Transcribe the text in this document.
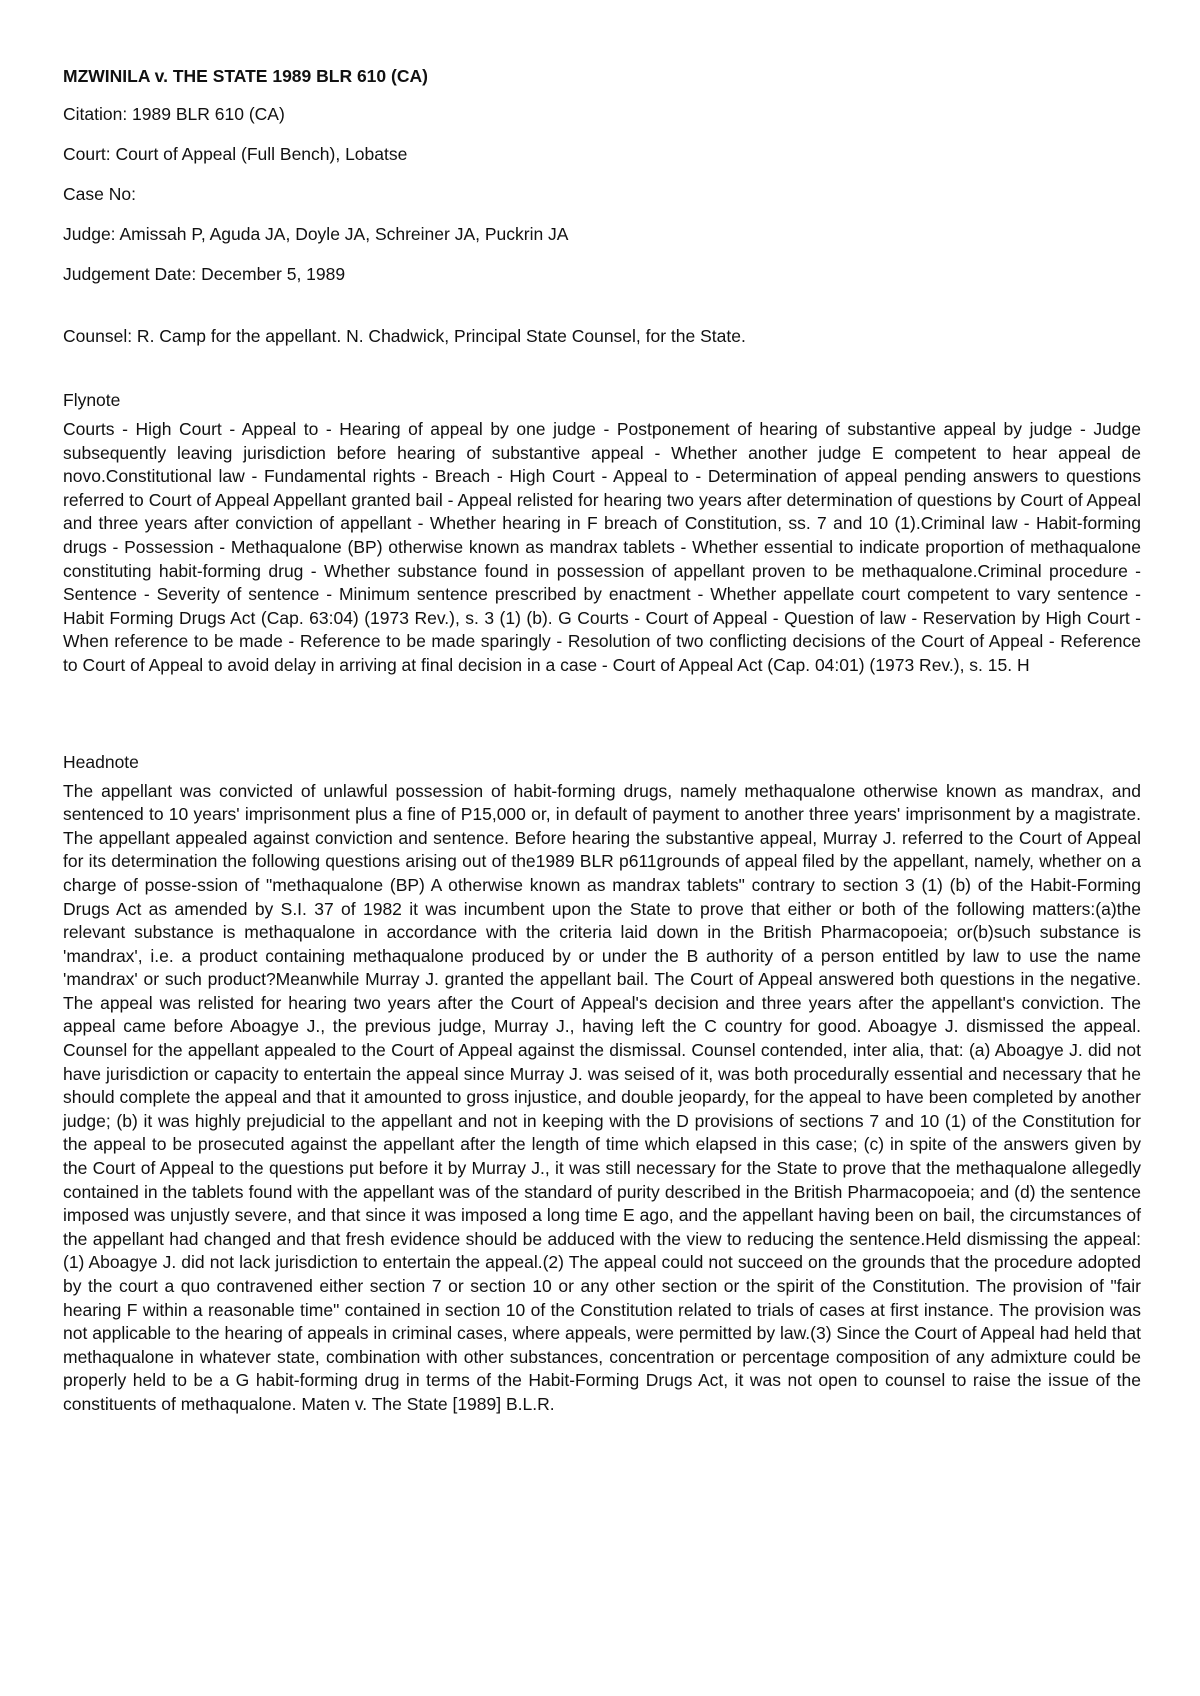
MZWINILA v. THE STATE 1989 BLR 610 (CA)
Citation: 1989 BLR 610 (CA)
Court: Court of Appeal (Full Bench), Lobatse
Case No:
Judge: Amissah P, Aguda JA, Doyle JA, Schreiner JA, Puckrin JA
Judgement Date: December 5, 1989
Counsel: R. Camp for the appellant. N. Chadwick, Principal State Counsel, for the State.
Flynote

Courts - High Court - Appeal to - Hearing of appeal by one judge - Postponement of hearing of substantive appeal by judge - Judge subsequently leaving jurisdiction before hearing of substantive appeal - Whether another judge E competent to hear appeal de novo.Constitutional law - Fundamental rights - Breach - High Court - Appeal to - Determination of appeal pending answers to questions referred to Court of Appeal Appellant granted bail - Appeal relisted for hearing two years after determination of questions by Court of Appeal and three years after conviction of appellant - Whether hearing in F breach of Constitution, ss. 7 and 10 (1).Criminal law - Habit-forming drugs - Possession - Methaqualone (BP) otherwise known as mandrax tablets - Whether essential to indicate proportion of methaqualone constituting habit-forming drug - Whether substance found in possession of appellant proven to be methaqualone.Criminal procedure - Sentence - Severity of sentence - Minimum sentence prescribed by enactment - Whether appellate court competent to vary sentence - Habit Forming Drugs Act (Cap. 63:04) (1973 Rev.), s. 3 (1) (b). G Courts - Court of Appeal - Question of law - Reservation by High Court - When reference to be made - Reference to be made sparingly - Resolution of two conflicting decisions of the Court of Appeal - Reference to Court of Appeal to avoid delay in arriving at final decision in a case - Court of Appeal Act (Cap. 04:01) (1973 Rev.), s. 15. H

Headnote

The appellant was convicted of unlawful possession of habit-forming drugs, namely methaqualone otherwise known as mandrax, and sentenced to 10 years' imprisonment plus a fine of P15,000 or, in default of payment to another three years' imprisonment by a magistrate. The appellant appealed against conviction and sentence. Before hearing the substantive appeal, Murray J. referred to the Court of Appeal for its determination the following questions arising out of the1989 BLR p611grounds of appeal filed by the appellant, namely, whether on a charge of posse-ssion of "methaqualone (BP) A otherwise known as mandrax tablets" contrary to section 3 (1) (b) of the Habit-Forming Drugs Act as amended by S.I. 37 of 1982 it was incumbent upon the State to prove that either or both of the following matters:(a)the relevant substance is methaqualone in accordance with the criteria laid down in the British Pharmacopoeia; or(b)such substance is 'mandrax', i.e. a product containing methaqualone produced by or under the B authority of a person entitled by law to use the name 'mandrax' or such product?Meanwhile Murray J. granted the appellant bail. The Court of Appeal answered both questions in the negative. The appeal was relisted for hearing two years after the Court of Appeal's decision and three years after the appellant's conviction. The appeal came before Aboagye J., the previous judge, Murray J., having left the C country for good. Aboagye J. dismissed the appeal. Counsel for the appellant appealed to the Court of Appeal against the dismissal. Counsel contended, inter alia, that: (a) Aboagye J. did not have jurisdiction or capacity to entertain the appeal since Murray J. was seised of it, was both procedurally essential and necessary that he should complete the appeal and that it amounted to gross injustice, and double jeopardy, for the appeal to have been completed by another judge; (b) it was highly prejudicial to the appellant and not in keeping with the D provisions of sections 7 and 10 (1) of the Constitution for the appeal to be prosecuted against the appellant after the length of time which elapsed in this case; (c) in spite of the answers given by the Court of Appeal to the questions put before it by Murray J., it was still necessary for the State to prove that the methaqualone allegedly contained in the tablets found with the appellant was of the standard of purity described in the British Pharmacopoeia; and (d) the sentence imposed was unjustly severe, and that since it was imposed a long time E ago, and the appellant having been on bail, the circumstances of the appellant had changed and that fresh evidence should be adduced with the view to reducing the sentence.Held dismissing the appeal: (1) Aboagye J. did not lack jurisdiction to entertain the appeal.(2) The appeal could not succeed on the grounds that the procedure adopted by the court a quo contravened either section 7 or section 10 or any other section or the spirit of the Constitution. The provision of "fair hearing F within a reasonable time" contained in section 10 of the Constitution related to trials of cases at first instance. The provision was not applicable to the hearing of appeals in criminal cases, where appeals, were permitted by law.(3) Since the Court of Appeal had held that methaqualone in whatever state, combination with other substances, concentration or percentage composition of any admixture could be properly held to be a G habit-forming drug in terms of the Habit-Forming Drugs Act, it was not open to counsel to raise the issue of the constituents of methaqualone. Maten v. The State [1989] B.L.R.
